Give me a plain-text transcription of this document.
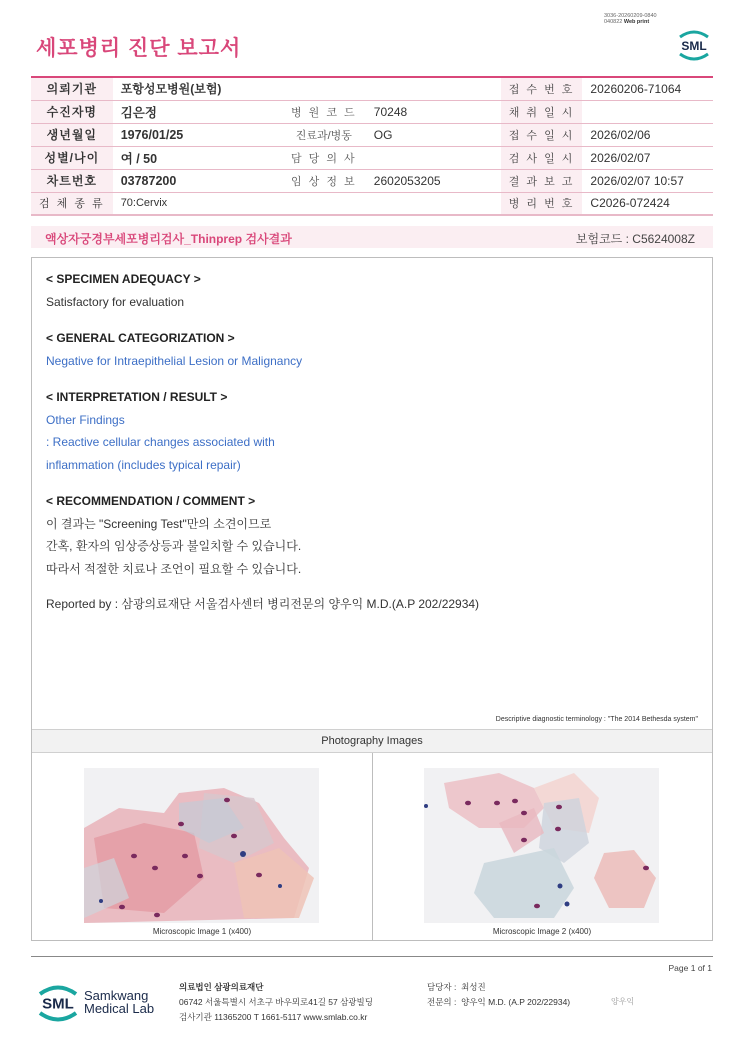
세포병리 진단 보고서
3036-20260209-0840
040822 Web print
SML
의뢰기관	포항성모병원(보험)			접 수 번 호	20260206-71064
수진자명	김은정	병 원 코 드	70248	채 취 일 시	
생년월일	1976/01/25	진료과/병동	OG	접 수 일 시	2026/02/06
성별/나이	여 / 50	담 당 의 사		검 사 일 시	2026/02/07
차트번호	03787200	임 상 정 보	2602053205	결 과 보 고	2026/02/07 10:57
검 체 종 류	70:Cervix			병 리 번 호	C2026-072424
액상자궁경부세포병리검사_Thinprep 검사결과	보험코드 : C5624008Z
< SPECIMEN ADEQUACY >
Satisfactory for evaluation
< GENERAL CATEGORIZATION >
Negative for Intraepithelial Lesion or Malignancy
< INTERPRETATION / RESULT >
Other Findings
: Reactive cellular changes associated with
inflammation (includes typical repair)
< RECOMMENDATION / COMMENT >
이 결과는 "Screening Test"만의 소견이므로
간혹, 환자의 임상증상등과 불일치할 수 있습니다.
따라서 적절한 치료나 조언이 필요할 수 있습니다.
Reported by : 삼광의료재단 서울검사센터 병리전문의 양우익 M.D.(A.P 202/22934)
Descriptive diagnostic terminology : "The 2014 Bethesda system"
Photography Images
Microscopic Image 1 (x400)	Microscopic Image 2 (x400)
Page 1 of 1
SML Samkwang
Medical Lab
의료법인 삼광의료재단
06742 서울특별시 서초구 바우뫼로41길 57 삼광빌딩
검사기관 11365200 T 1661-5117 www.smlab.co.kr
담당자 : 최성진
전문의 : 양우익 M.D. (A.P 202/22934)	양우익
